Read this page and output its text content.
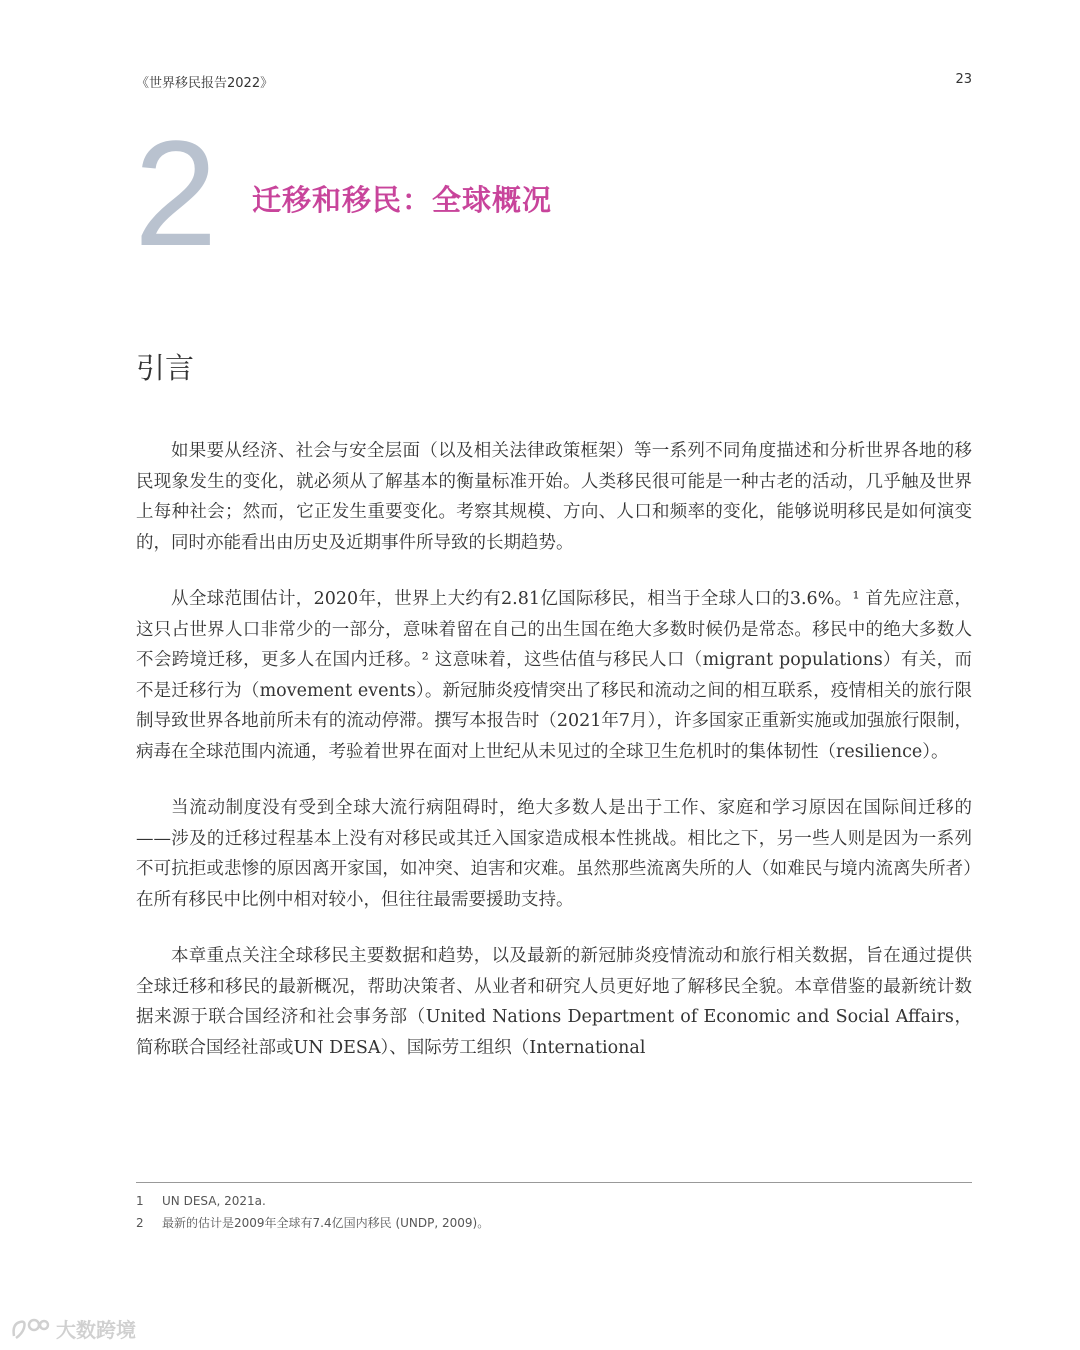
《世界移民报告2022》	23
2 迁移和移民：全球概况
引言

如果要从经济、社会与安全层面（以及相关法律政策框架）等一系列不同角度描述和分析世界各地的移民现象发生的变化，就必须从了解基本的衡量标准开始。人类移民很可能是一种古老的活动，几乎触及世界上每种社会；然而，它正发生重要变化。考察其规模、方向、人口和频率的变化，能够说明移民是如何演变的，同时亦能看出由历史及近期事件所导致的长期趋势。

从全球范围估计，2020年，世界上大约有2.81亿国际移民，相当于全球人口的3.6%。¹ 首先应注意，这只占世界人口非常少的一部分，意味着留在自己的出生国在绝大多数时候仍是常态。移民中的绝大多数人不会跨境迁移，更多人在国内迁移。² 这意味着，这些估值与移民人口（migrant populations）有关，而不是迁移行为（movement events）。新冠肺炎疫情突出了移民和流动之间的相互联系，疫情相关的旅行限制导致世界各地前所未有的流动停滞。撰写本报告时（2021年7月），许多国家正重新实施或加强旅行限制，病毒在全球范围内流通，考验着世界在面对上世纪从未见过的全球卫生危机时的集体韧性（resilience）。

当流动制度没有受到全球大流行病阻碍时，绝大多数人是出于工作、家庭和学习原因在国际间迁移的——涉及的迁移过程基本上没有对移民或其迁入国家造成根本性挑战。相比之下，另一些人则是因为一系列不可抗拒或悲惨的原因离开家国，如冲突、迫害和灾难。虽然那些流离失所的人（如难民与境内流离失所者）在所有移民中比例中相对较小，但往往最需要援助支持。

本章重点关注全球移民主要数据和趋势，以及最新的新冠肺炎疫情流动和旅行相关数据，旨在通过提供全球迁移和移民的最新概况，帮助决策者、从业者和研究人员更好地了解移民全貌。本章借鉴的最新统计数据来源于联合国经济和社会事务部（United Nations Department of Economic and Social Affairs，简称联合国经社部或UN DESA）、国际劳工组织（International

1	UN DESA, 2021a.
2	最新的估计是2009年全球有7.4亿国内移民 (UNDP, 2009)。
大数跨境
